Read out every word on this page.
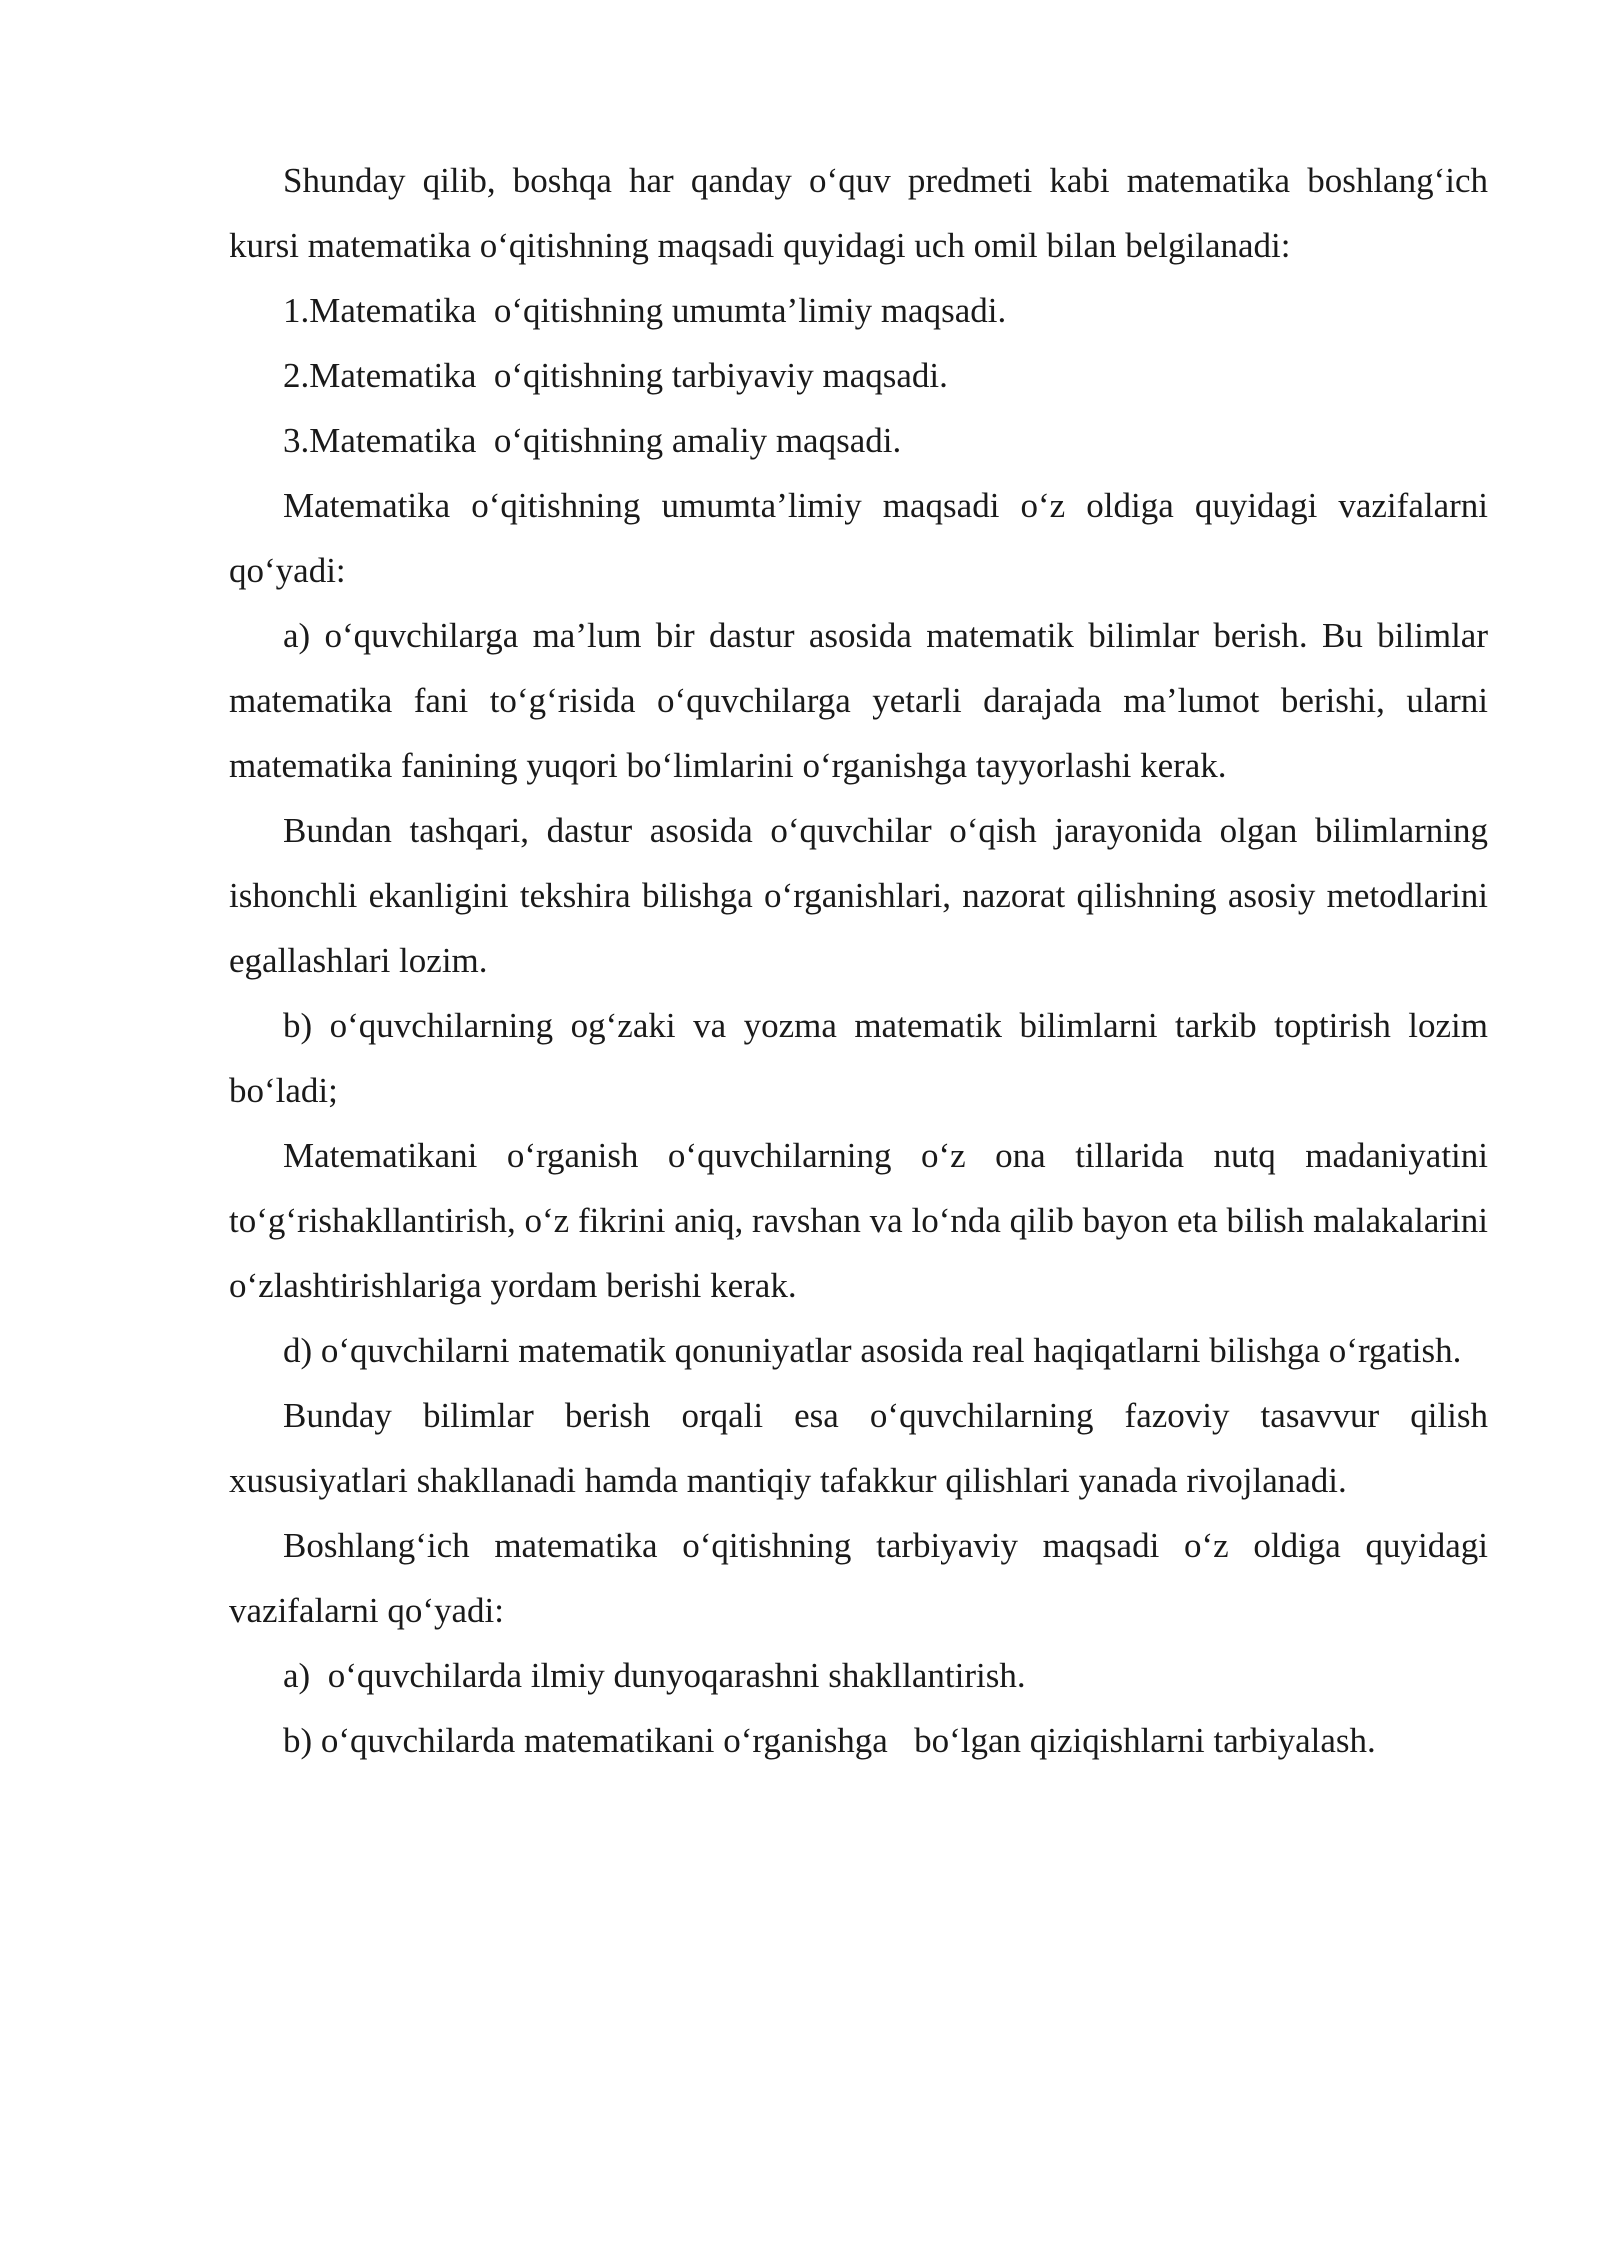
Shunday qilib, boshqa har qanday o‘quv predmeti kabi matematika boshlang‘ich kursi matematika o‘qitishning maqsadi quyidagi uch omil bilan belgilanadi:

1.Matematika  o‘qitishning umumta’limiy maqsadi.

2.Matematika  o‘qitishning tarbiyaviy maqsadi.

3.Matematika  o‘qitishning amaliy maqsadi.

Matematika o‘qitishning umumta’limiy maqsadi o‘z oldiga quyidagi vazifalarni qo‘yadi:

a) o‘quvchilarga ma’lum bir dastur asosida matematik bilimlar berish. Bu bilimlar matematika fani to‘g‘risida o‘quvchilarga yetarli darajada ma’lumot berishi, ularni matematika fanining yuqori bo‘limlarini o‘rganishga tayyorlashi kerak.

Bundan tashqari, dastur asosida o‘quvchilar o‘qish jarayonida olgan bilimlarning ishonchli ekanligini tekshira bilishga o‘rganishlari, nazorat qilishning asosiy metodlarini egallashlari lozim.

b) o‘quvchilarning og‘zaki va yozma matematik bilimlarni tarkib toptirish lozim bo‘ladi;

Matematikani o‘rganish o‘quvchilarning o‘z ona tillarida nutq madaniyatini to‘g‘rishakllantirish, o‘z fikrini aniq, ravshan va lo‘nda qilib bayon eta bilish malakalarini o‘zlashtirishlariga yordam berishi kerak.

d) o‘quvchilarni matematik qonuniyatlar asosida real haqiqatlarni bilishga o‘rgatish.

Bunday bilimlar berish orqali esa o‘quvchilarning fazoviy tasavvur qilish xususiyatlari shakllanadi hamda mantiqiy tafakkur qilishlari yanada rivojlanadi.

Boshlang‘ich matematika o‘qitishning tarbiyaviy maqsadi o‘z oldiga quyidagi vazifalarni qo‘yadi:

a)  o‘quvchilarda ilmiy dunyoqarashni shakllantirish.

b) o‘quvchilarda matematikani o‘rganishga   bo‘lgan qiziqishlarni tarbiyalash.
